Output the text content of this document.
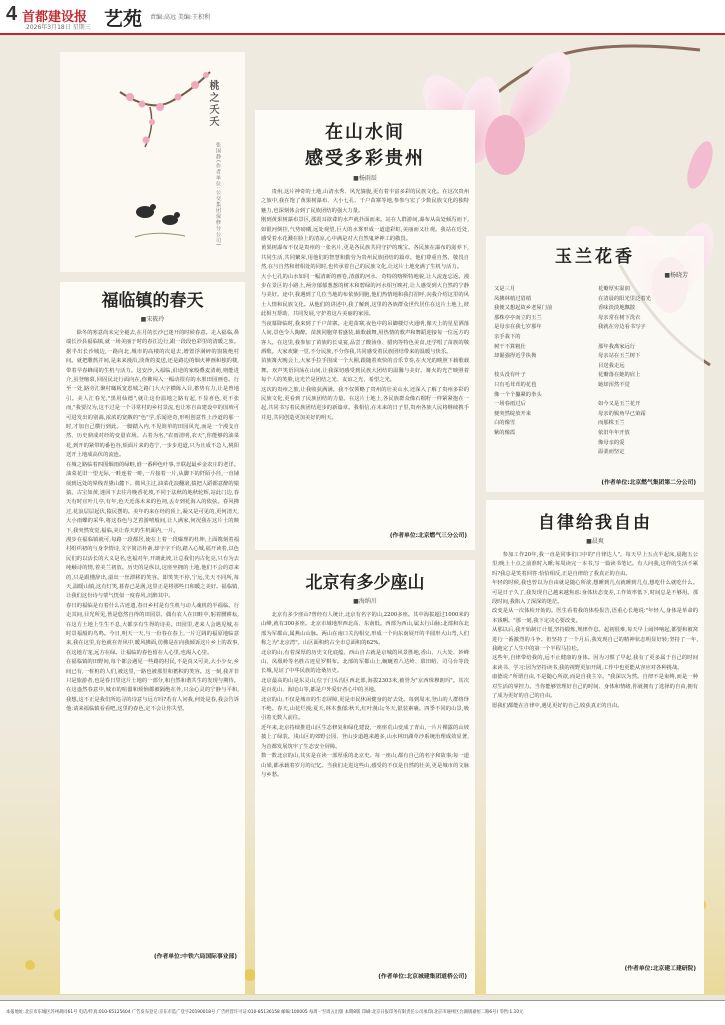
4 首都建设报
2026年3月18日 星期三 艺苑 责编:高远 美编:王积利
桃之夭夭
张国静(作者单位:公交集团保修分公司)
福临镇的春天
■宋筱玲
除冬的寒意尚未完全褪去,在月的长沙已迷开的时候春意。走入福临,鼻端长沙县福临镇,就一场美丽于时的春江边行,跟一段段色彩里的清暖之旅。据半出长沙城边,一路向北,城市的高楼的次退去,增置浮满碎的窗陵绝村间。就把雕熬并间,是来来漫沿,淡黄的麦送,还是路边的烟火神画和独的楼,带着早春蜂闻的生机与活力。这安沙,入福临,沿途的家般叠麦清萌,则能进介,虽登缩慕,回固民北行面向在,你佛闯入一幅动很有的水墨田园画卷。行至一处,路旁汇聚村瞰板宽恩城之路门大大字横陈入目,蓄势有力,让是曾地引。美人汇春光,"黑用仙德",就让这份温地之路有起,不显喜色,更不张而,"我要汉为,这不过是一个寻常村的乡村景流,也让寒自由建设中的国坡可可进发出的别蔼,浓浓的宽敞的"色"学,乐闻逆奇,形明创意性上沙道的那一时,才加自己横行到此。一脚踏入内,不见简单的田园风光,而是一个漫支自然、历史鼎成对经的变量农场。占着为名,"农雨清明,农天",你能够的油菜花,到开的紧带的番色谷,烦面片来的卷宁,一步步进道,只为且成不急人,桃阳送开上地成高伏的流连。
在城之路临着四围烟雨的绿畦,谁一番种色叶事,辛联起最乡金农庄的老洋。油菜花旧一望无际,一畦连着一畦,一片接着一片,从脚下的阡陌小径,一直铺展到远处的晕栈青黛山麓下。微风主过,油菜花浪翻滚,猿把人蹈都意醉的猿猿。古宝如黄,迷回下去往丹晚香花坡,不同于法秋的地秋轮辉,站此门边,春天有时宜叶儿亭,有年,色天近荡未来的色祠,丢专到花海入的依弦。春风拂过,花浪层层起伏,猿民摆的。美年的来在经的顶上,凝又是可见的,更何清天,大小雨蝶的采华,将这春色与芝着游嘻般间,让人满家,何况我在这片土的映下,我突然发觉,福临,美让春天的生机面内,一片。
漫步在福临镇就可,每路一段都居,使在上着一段爆理的杜坤,上面镌刻着福村组织初的与身李情诗,文字简洁朴素,却字字千钧,踏入心城,福开读着,以色民们的以活长的大义是名,也福对年,开朗此坡,让总我们内古化亮,只有为去纯触诗的情,着美兰初放。历史的是纵以,这座坐拥的土地,他们不会的意来的,只是跟懂辞出,溢出一丝漂移的笑容。即笑笑不停,宁远,先天不同所,每天,温暖山镇,这有灯笑,暮春已是满,这里正是将那些日和暖之美好。福临镇,让我们这份诗与蒙气恍似一度春风,沉醉其中。
春日的福临是有着什么古迹遗,春日乡村是有生机与动人魂机的半福临。行走其间,目光所见,皆是悠然自得的田园景。偶有农人在田畦中,躬着腰耕耘,在这方土地上生生不息,大都享有生得的诗美。田园里,老来人会遇见城,在时景福般的鸟鸣。今日,明天一天,与一份春在春上,一片辽阔的福原地临意来,我在这里,有色就在青风中,暖风拂面,仿佛是在向我倾诉这片乡土的故事,在这地方宠,远方在绿。让福临的春色留在人心里,也渴入心里。
在福临镇的田野间,每个都会遇见一些路的村民,不是真又可美,大小少女,乡间已有,一桩桩的人们,被这里,一路也被那里和蓄积的笑容。这一刻,我并非只是旅游者,也是春日里这片土地的一部分,和自然和谐共生的发现与期待。在这盎然春意中,城市的喧嚣和烦恼都被隔绝在外,只余心灵的宁静与平和,我想,这不正是我们所追寻的诗意与远方吗?若有人问我,何处是春,我会告诉他:请来福临镇看看吧,这里的春色,定不会让你失望。
(作者单位:中铁六局国际事业部)
在山水间
感受多彩贵州
■杨雨辰
贵州,这片神奇的土地,山清水秀、风光旖旎,更有着丰富多彩的民族文化。在这次贵州之旅中,我在饱了黄果树瀑布、大小七孔、千户苗寨等地,参参与宏了少数民族文化的独特魅力,也深刻体会到了民族团结的强大力量。
刚到黄果树瀑布景区,那震耳欲聋的水声就扑面而来。站在人群游间,瀑布从高处倾泻而下,如银河倒挂,气势磅礴,远处观望,巨大的水雾形成一道道彩虹,美丽而又壮观。我站在近处,感受着水花溅在脸上的清凉,心中满是对大自然鬼斧神工的敬畏。
黄果树瀑布不仅是贵州的一张名片,更是各民族共同守护的瑰宝。各民族在瀑布的滋养下,共同生活,共同繁荣,用他们的智慧和勤劳为贵州民族团结的篇章。他们尊重自然、敬畏自然,在与自然和谐相处的同时,也传承着自己的民族文化,让这片土地充满了生机与活力。
大小七孔的山水如同一幅清新的画卷,清澈的河水、奇特的喀斯特地貌,让人流连忘返。漫步在景区的小路上,两旁郁郁葱葱的树木和碧绿的河水相互映衬,让人感受到大自然的宁静与美好。途中,我遇到了几位当地的布依族同胞,他们热情地和我打招呼,向我介绍这里的风土人情和民族文化。从他们的讲述中,我了解到,这里的各族群众世代居住在这片土地上,彼此相互帮助、共同发展,守护着这片美丽的家园。
当夜幕降临时,我来到了千户苗寨。走进苗寨,夜色中的吊脚楼灯火通明,像天上的星星洒落人间,景色令人陶醉。苗族同胞穿着盛装,载歌载舞,用热情的歌声和舞蹈迎接每一位远方的客人。在这里,我参加了苗族的长桌宴,品尝了酸汤鱼、腊肉等特色美食,还学唱了苗族的敬酒歌。大家欢聚一堂,不分民族,不分你我,共同感受着民族团结带来的温暖与快乐。
苗族篝火晚会上,大家手拉手围成一个大圈,跟随着欢快的音乐节奏,在火光的映照下载歌载舞。欢声笑语回荡在山间,让我深切感受到民族大团结的温馨与美好。篝火的光芒映照着每个人的笑脸,这光芒是团结之光、友谊之光、希望之光。
这次的贵州之旅,让我收获满满。我不仅领略了贵州的壮美山水,还深入了解了贵州多彩的民族文化,更看到了民族团结的力量。在这片土地上,各民族群众像石榴籽一样紧紧抱在一起,共同书写着民族团结进步的新篇章。我相信,在未来的日子里,贵州各族人民将继续携手并进,共同创造更加美好的明天。
(作者单位:北京燃气三分公司)
北京有多少座山
■海纳川
北京有多少座山?曾经有人统计,北京有名字的山,2200多座。其中海拔超过1000米的山峰,就有300多座。北京市域地形西北高、东南低。西部为西山,属太行山脉;北部和东北部为军都山,属燕山山脉。两山在南口关沟相交,形成一个向东南展开的半圆形大山弯,人们称之为"北京湾"。山区面积约占全市总面积的62%。
北京的山,有着深厚的历史文化底蕴。西山自古就是京城的风景胜地,香山、八大处、妙峰山、凤凰岭等名胜古迹星罗棋布。北部的军都山上,蜿蜒着八达岭、慕田峪、司马台等段长城,见证了中华民族的沧桑历史。
北京最高的山是东灵山,位于门头沟区西北部,海拔2303米,被誉为"京西珠穆朗玛"。其次是百花山、海坨山等,都是户外爱好者心中的圣地。
北京的山,不仅是城市的生态屏障,更是市民休闲健身的好去处。每到周末,登山的人群络绎不绝。春天,山花烂漫;夏天,林木葱郁;秋天,红叶漫山;冬天,银装素裹。四季不同的山景,吸引着无数人前往。
近年来,北京持续推进山区生态修复和绿化建设,一座座荒山变成了青山,一片片裸露的山坡披上了绿装。浅山区的郊野公园、登山步道越来越多,山水林田湖草沙系统治理成效显著,为首都发展筑牢了生态安全屏障。
数一数北京的山,其实是在读一部厚重的北京史。每一座山,都有自己的名字和故事;每一道山梁,都承载着岁月的记忆。当我们走进这些山,感受的不仅是自然的壮美,更是城市的文脉与乡愁。
(作者单位:北京城建集团道桥公司)
玉兰花香
■杨晓芳
又是三月
凤拂林梢过眉梢
我便又想起故乡老屋门前
那株亭亭而立的玉兰
是母亲在我七岁那年
亲手栽下的
树干不算粗壮
却倔强得近乎执拗

枝头没有叶子
只有毛茸茸的花苞
像一个个攥紧的拳头
一场春雨过后
便突然绽放开来
白的像雪
紫的像霞
花瓣厚实温润
在清晨的阳光里泛着光
香味淡淡地飘散
母亲常在树下洗衣
我就在旁边看书写字

那年我离家远行
母亲站在玉兰树下
目送我走远
花瓣落在她的肩上
她却浑然不觉

如今又是玉兰花开
母亲的鬓角早已染霜
而那株玉兰
依旧年年开放
像母亲的爱
温柔而坚定
(作者单位:北京燃气集团第二分公司)
自律给我自由
■晨爽
参加工作20年,我一直是同事们口中的"自律达人"。每天早上五点半起床,晨跑五公里;晚上十点之前准时入睡;每周读完一本书,写一篇读书笔记。有人问我,这样的生活不累吗?我总是笑着回答:恰恰相反,正是自律给了我真正的自由。
年轻的时候,我也曾以为自由就是随心所欲,想睡到几点就睡到几点,想吃什么就吃什么。可是日子久了,我发现自己越来越焦虑:身体状态变差,工作效率低下,时间总是不够用。那段时间,我陷入了深深的迷茫。
改变是从一次体检开始的。医生看着我的体检报告,语重心长地说:"年轻人,身体是革命的本钱啊。"那一刻,我下定决心要改变。
从那以后,我开始制订计划,坚持锻炼,规律作息。起初很难,每天早上闹钟响起,都要和被窝进行一番激烈的斗争。但坚持了一个月后,我发现自己的精神状态明显好转;坚持了一年,我跑完了人生中的第一个半程马拉松。
这些年,自律带给我的,远不止健康的身体。因为习惯了早起,我有了更多属于自己的时间来读书、学习;因为坚持读书,我的视野更加开阔,工作中也更能从容应对各种挑战。
康德说:"所谓自由,不是随心所欲,而是自我主宰。"我深以为然。自律不是束缚,而是一种对生活的掌控力。当你能够管理好自己的时间、身体和情绪,你就拥有了选择的自由,拥有了成为更好的自己的自由。
愿我们都能在自律中,遇见更好的自己,收获真正的自由。
(作者单位:北京建工建研院)
本报地址:北京市东城区苏州胡同61号 电话/传真:010-65125604 广告发布登记:京东市监广登字20190018号 广告经营许可证:010-85136158 邮编:100005 每周一至周五出版 本期8版 印刷:北京日报印务有限责任公司承印(北京市通州区台湖镇嘉恒二路6号) 零售:1.10元
